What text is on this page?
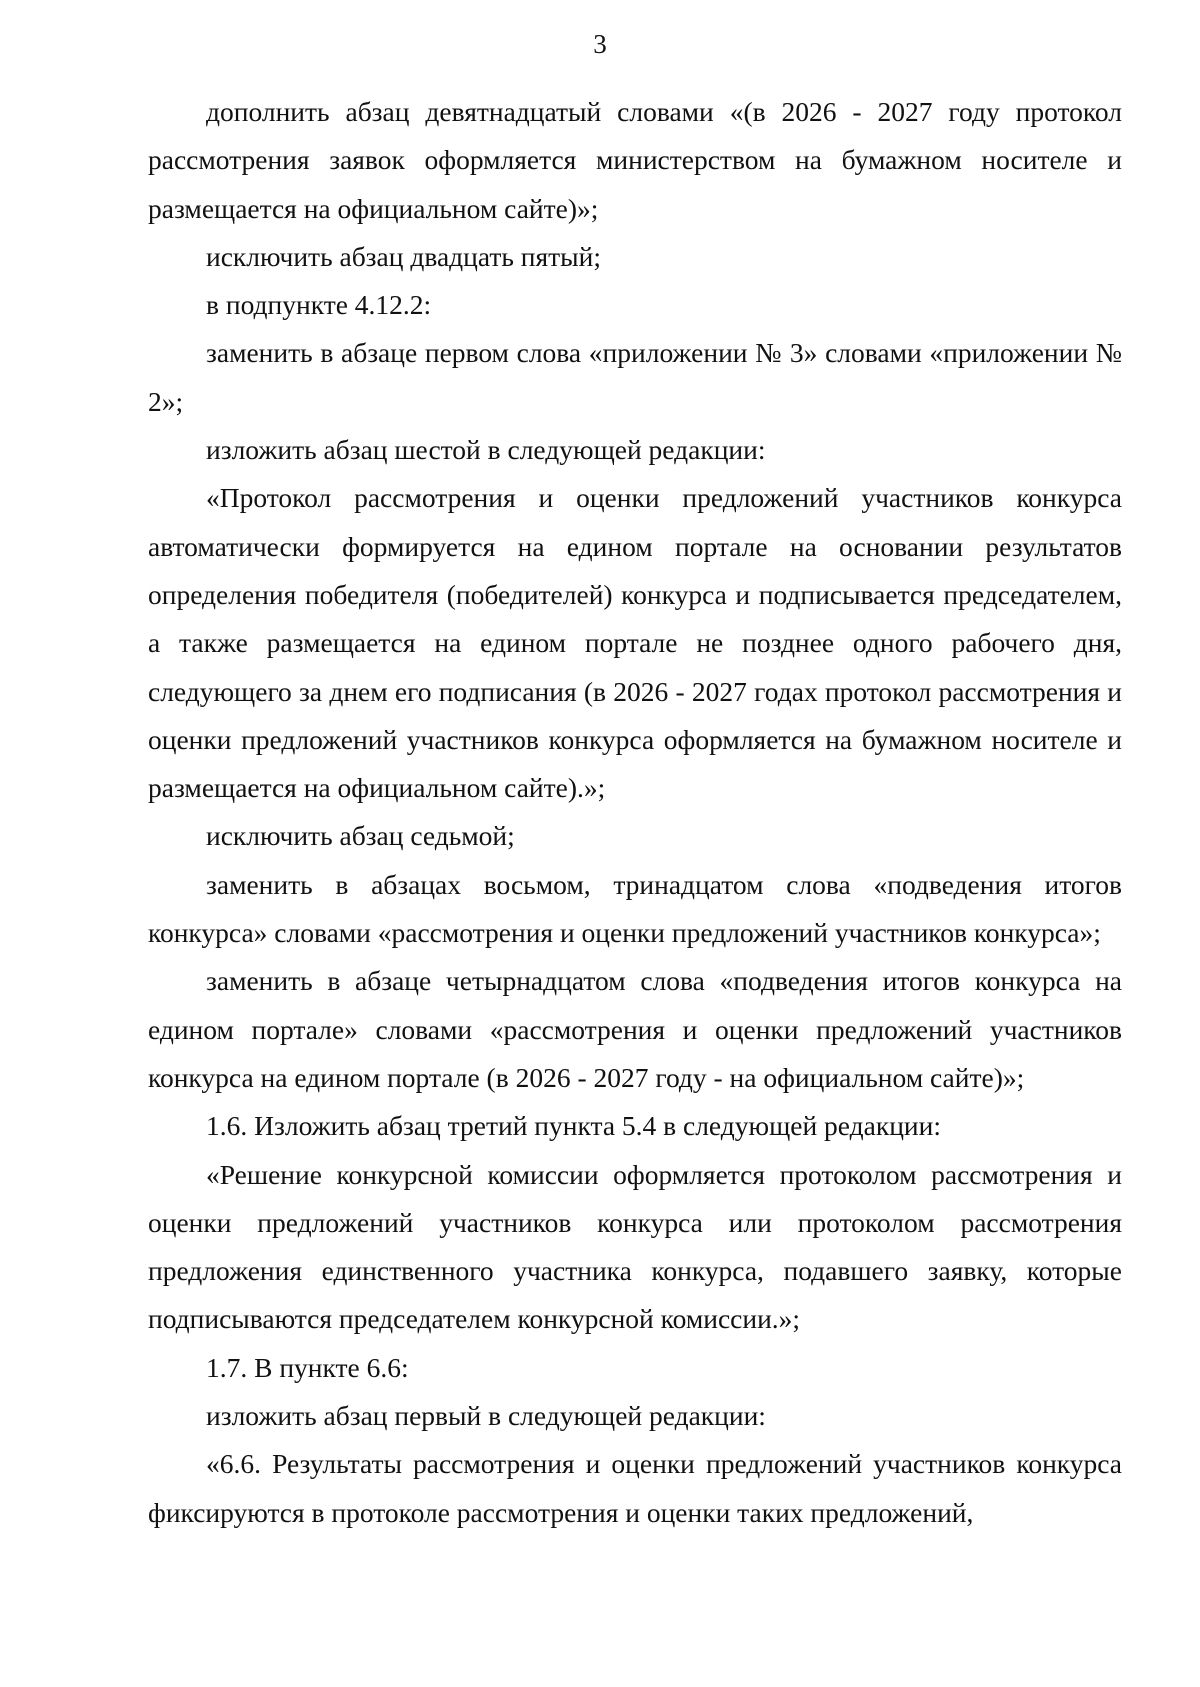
3

дополнить абзац девятнадцатый словами «(в 2026 - 2027 году протокол рассмотрения заявок оформляется министерством на бумажном носителе и размещается на официальном сайте)»;

исключить абзац двадцать пятый;

в подпункте 4.12.2:

заменить в абзаце первом слова «приложении № 3» словами «приложении № 2»;

изложить абзац шестой в следующей редакции:

«Протокол рассмотрения и оценки предложений участников конкурса автоматически формируется на едином портале на основании результатов определения победителя (победителей) конкурса и подписывается председателем, а также размещается на едином портале не позднее одного рабочего дня, следующего за днем его подписания (в 2026 - 2027 годах протокол рассмотрения и оценки предложений участников конкурса оформляется на бумажном носителе и размещается на официальном сайте).»;

исключить абзац седьмой;

заменить в абзацах восьмом, тринадцатом слова «подведения итогов конкурса» словами «рассмотрения и оценки предложений участников конкурса»;

заменить в абзаце четырнадцатом слова «подведения итогов конкурса на едином портале» словами «рассмотрения и оценки предложений участников конкурса на едином портале (в 2026 - 2027 году - на официальном сайте)»;

1.6. Изложить абзац третий пункта 5.4 в следующей редакции:

«Решение конкурсной комиссии оформляется протоколом рассмотрения и оценки предложений участников конкурса или протоколом рассмотрения предложения единственного участника конкурса, подавшего заявку, которые подписываются председателем конкурсной комиссии.»;

1.7. В пункте 6.6:

изложить абзац первый в следующей редакции:

«6.6. Результаты рассмотрения и оценки предложений участников конкурса фиксируются в протоколе рассмотрения и оценки таких предложений,
